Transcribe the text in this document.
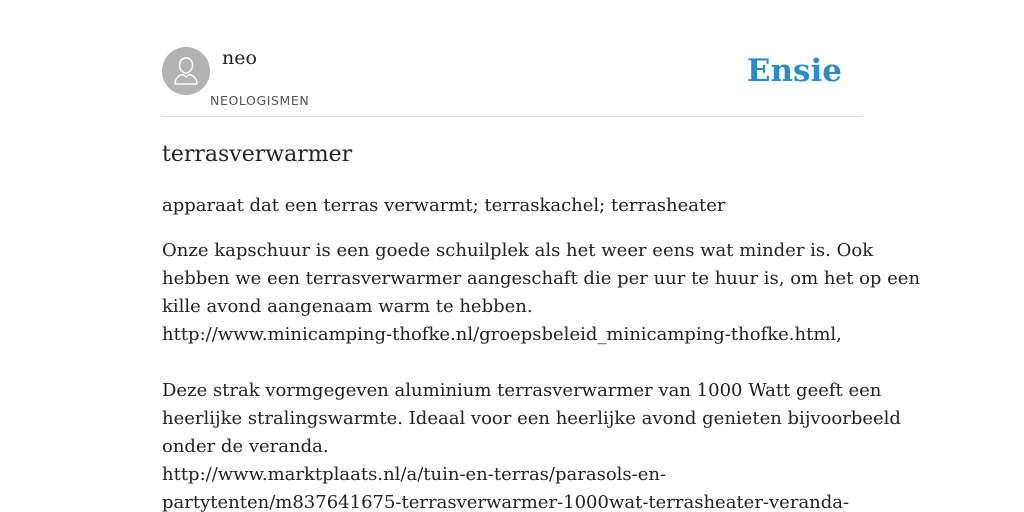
neo
NEOLOGISMEN
Ensie
terrasverwarmer

apparaat dat een terras verwarmt; terraskachel; terrasheater

Onze kapschuur is een goede schuilplek als het weer eens wat minder is. Ook
hebben we een terrasverwarmer aangeschaft die per uur te huur is, om het op een
kille avond aangenaam warm te hebben.
http://www.minicamping-thofke.nl/groepsbeleid_minicamping-thofke.html,
Deze strak vormgegeven aluminium terrasverwarmer van 1000 Watt geeft een
heerlijke stralingswarmte. Ideaal voor een heerlijke avond genieten bijvoorbeeld
onder de veranda.
http://www.marktplaats.nl/a/tuin-en-terras/parasols-en-
partytenten/m837641675-terrasverwarmer-1000wat-terrasheater-veranda-
